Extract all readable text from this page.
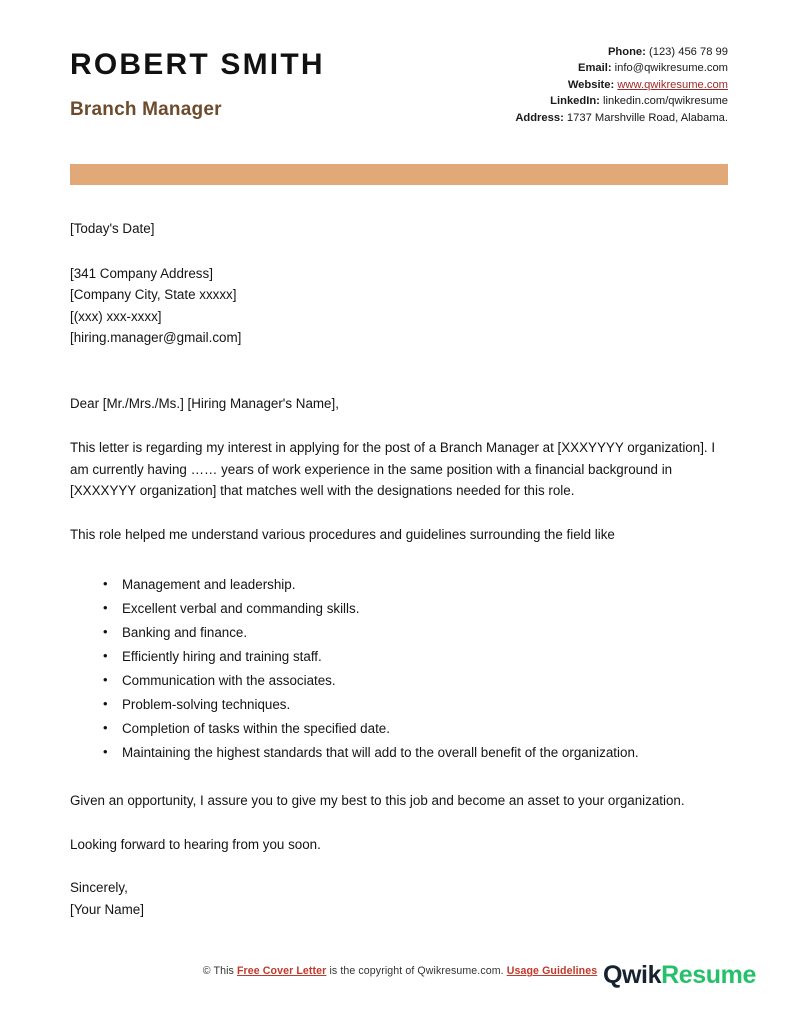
ROBERT SMITH
Branch Manager
Phone: (123) 456 78 99
Email: info@qwikresume.com
Website: www.qwikresume.com
LinkedIn: linkedin.com/qwikresume
Address: 1737 Marshville Road, Alabama.
[Today's Date]
[341 Company Address]
[Company City, State xxxxx]
[(xxx) xxx-xxxx]
[hiring.manager@gmail.com]
Dear [Mr./Mrs./Ms.] [Hiring Manager's Name],

This letter is regarding my interest in applying for the post of a Branch Manager at [XXXYYYY organization]. I am currently having …… years of work experience in the same position with a financial background in [XXXXYYY organization] that matches well with the designations needed for this role.

This role helped me understand various procedures and guidelines surrounding the field like

• Management and leadership.
• Excellent verbal and commanding skills.
• Banking and finance.
• Efficiently hiring and training staff.
• Communication with the associates.
• Problem-solving techniques.
• Completion of tasks within the specified date.
• Maintaining the highest standards that will add to the overall benefit of the organization.

Given an opportunity, I assure you to give my best to this job and become an asset to your organization.

Looking forward to hearing from you soon.

Sincerely,
[Your Name]
© This Free Cover Letter is the copyright of Qwikresume.com. Usage Guidelines QwikResume
